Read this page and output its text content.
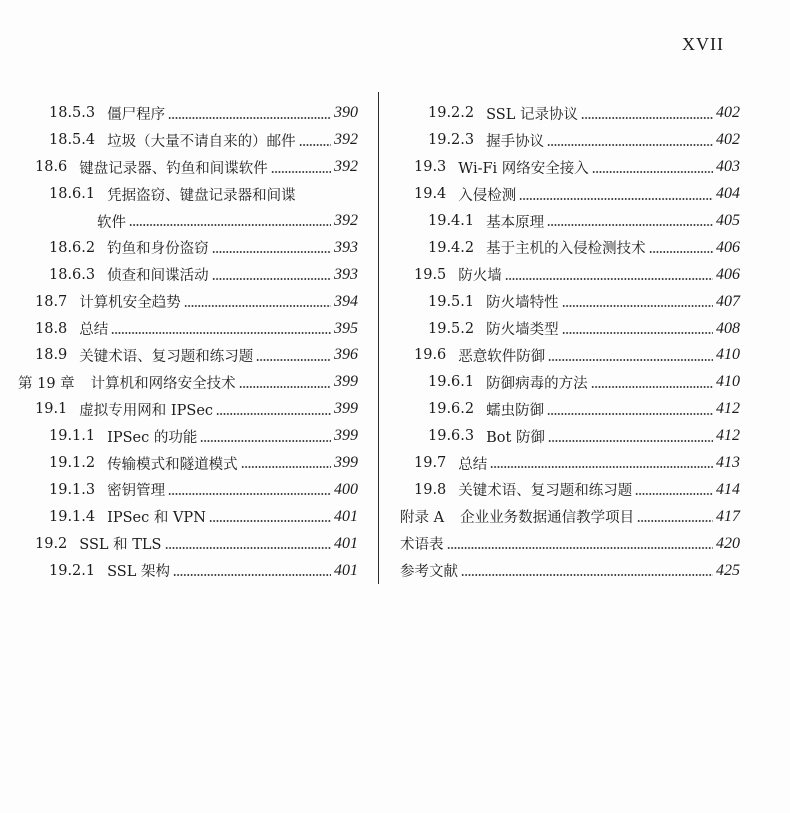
XVII
18.5.3 僵尸程序	390
18.5.4 垃圾（大量不请自来的）邮件 392
18.6 键盘记录器、钓鱼和间谍软件	392
18.6.1 凭据盗窃、键盘记录器和间谍
软件	392
18.6.2 钓鱼和身份盗窃	393
18.6.3 侦查和间谍活动	393
18.7 计算机安全趋势	394
18.8 总结	395
18.9 关键术语、复习题和练习题	396
第 19 章 计算机和网络安全技术	399
19.1 虚拟专用网和 IPSec	399
19.1.1 IPSec 的功能	399
19.1.2 传输模式和隧道模式	399
19.1.3 密钥管理	400
19.1.4 IPSec 和 VPN	401
19.2 SSL 和 TLS	401
19.2.1 SSL 架构	401
19.2.2 SSL 记录协议	402
19.2.3 握手协议	402
19.3 Wi-Fi 网络安全接入	403
19.4 入侵检测	404
19.4.1 基本原理	405
19.4.2 基于主机的入侵检测技术	406
19.5 防火墙	406
19.5.1 防火墙特性	407
19.5.2 防火墙类型	408
19.6 恶意软件防御	410
19.6.1 防御病毒的方法	410
19.6.2 蠕虫防御	412
19.6.3 Bot 防御	412
19.7 总结	413
19.8 关键术语、复习题和练习题	414
附录 A 企业业务数据通信教学项目	417
术语表	420
参考文献	425
